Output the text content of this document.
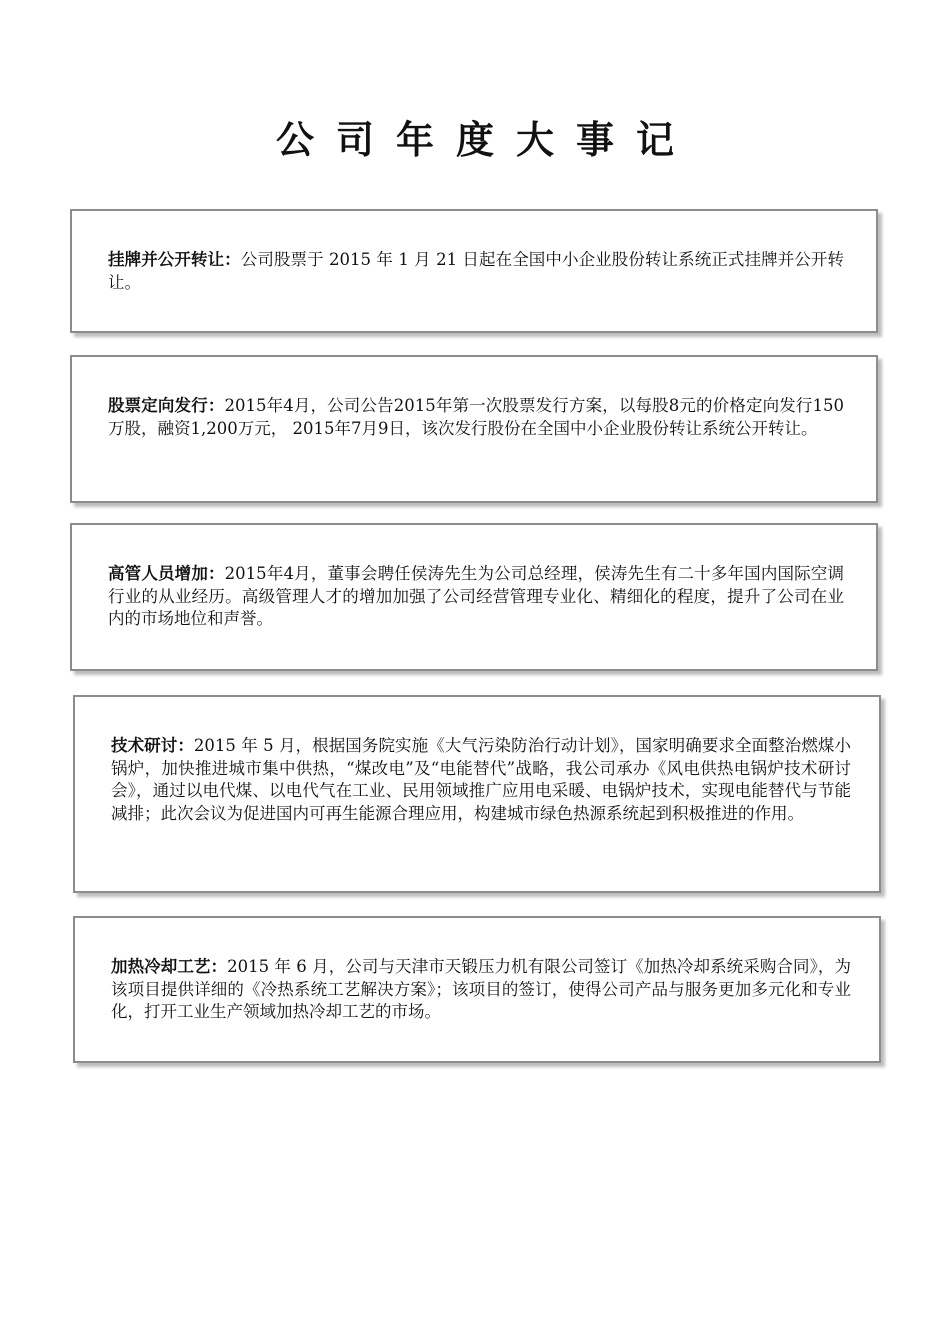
公司年度大事记
挂牌并公开转让：公司股票于 2015 年 1 月 21 日起在全国中小企业股份转让系统正式挂牌并公开转让。
股票定向发行：2015年4月，公司公告2015年第一次股票发行方案，以每股8元的价格定向发行150万股，融资1,200万元， 2015年7月9日，该次发行股份在全国中小企业股份转让系统公开转让。
高管人员增加：2015年4月，董事会聘任侯涛先生为公司总经理，侯涛先生有二十多年国内国际空调行业的从业经历。高级管理人才的增加加强了公司经营管理专业化、精细化的程度，提升了公司在业内的市场地位和声誉。
技术研讨：2015 年 5 月，根据国务院实施《大气污染防治行动计划》，国家明确要求全面整治燃煤小锅炉，加快推进城市集中供热，“煤改电”及“电能替代”战略，我公司承办《风电供热电锅炉技术研讨会》，通过以电代煤、以电代气在工业、民用领域推广应用电采暖、电锅炉技术，实现电能替代与节能减排；此次会议为促进国内可再生能源合理应用，构建城市绿色热源系统起到积极推进的作用。
加热冷却工艺：2015 年 6 月，公司与天津市天锻压力机有限公司签订《加热冷却系统采购合同》，为该项目提供详细的《冷热系统工艺解决方案》；该项目的签订，使得公司产品与服务更加多元化和专业化，打开工业生产领域加热冷却工艺的市场。
